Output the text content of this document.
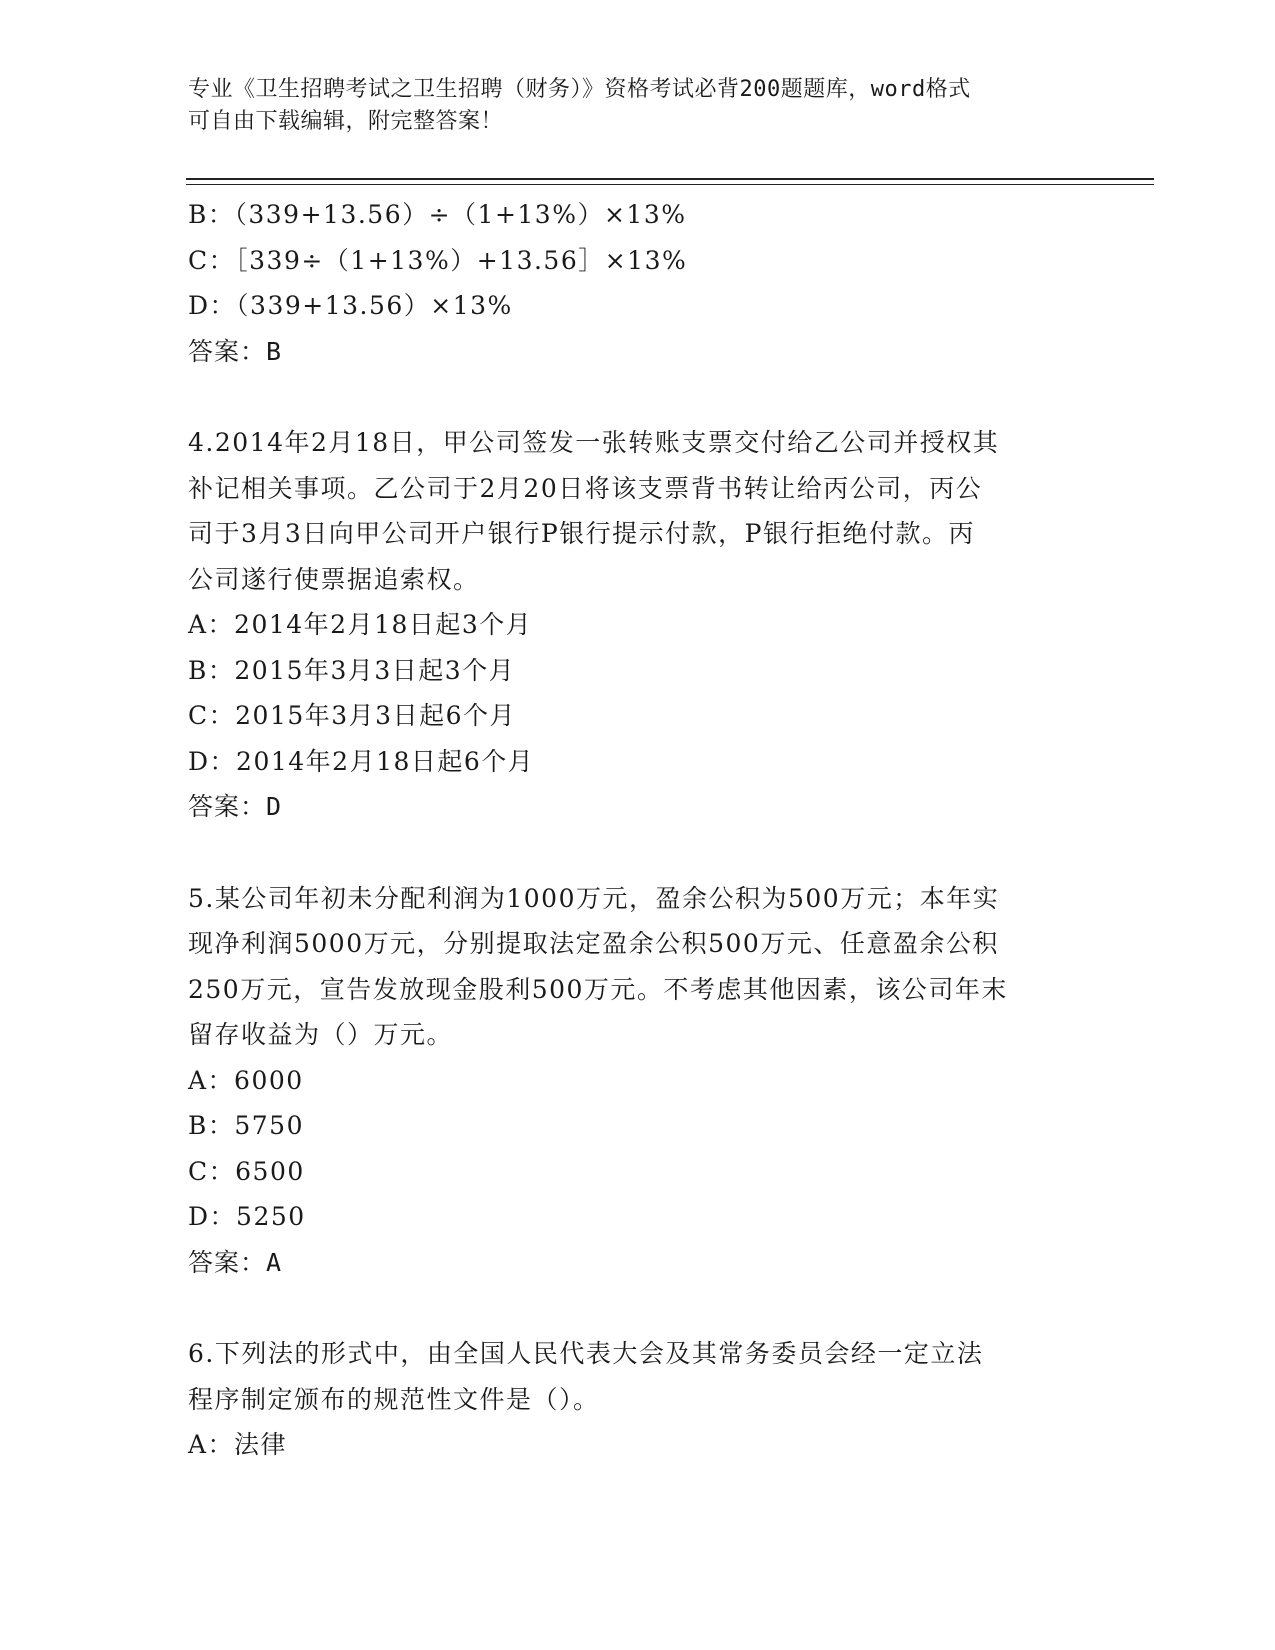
专业《卫生招聘考试之卫生招聘（财务）》资格考试必背200题题库，word格式
可自由下载编辑，附完整答案！
B：（339+13.56）÷（1+13%）×13%
C：［339÷（1+13%）+13.56］×13%
D：（339+13.56）×13%
答案：B
4.2014年2月18日，甲公司签发一张转账支票交付给乙公司并授权其
补记相关事项。乙公司于2月20日将该支票背书转让给丙公司，丙公
司于3月3日向甲公司开户银行P银行提示付款，P银行拒绝付款。丙
公司遂行使票据追索权。
A：2014年2月18日起3个月
B：2015年3月3日起3个月
C：2015年3月3日起6个月
D：2014年2月18日起6个月
答案：D
5.某公司年初未分配利润为1000万元，盈余公积为500万元；本年实
现净利润5000万元，分别提取法定盈余公积500万元、任意盈余公积
250万元，宣告发放现金股利500万元。不考虑其他因素，该公司年末
留存收益为（）万元。
A：6000
B：5750
C：6500
D：5250
答案：A
6.下列法的形式中，由全国人民代表大会及其常务委员会经一定立法
程序制定颁布的规范性文件是（）。
A：法律
